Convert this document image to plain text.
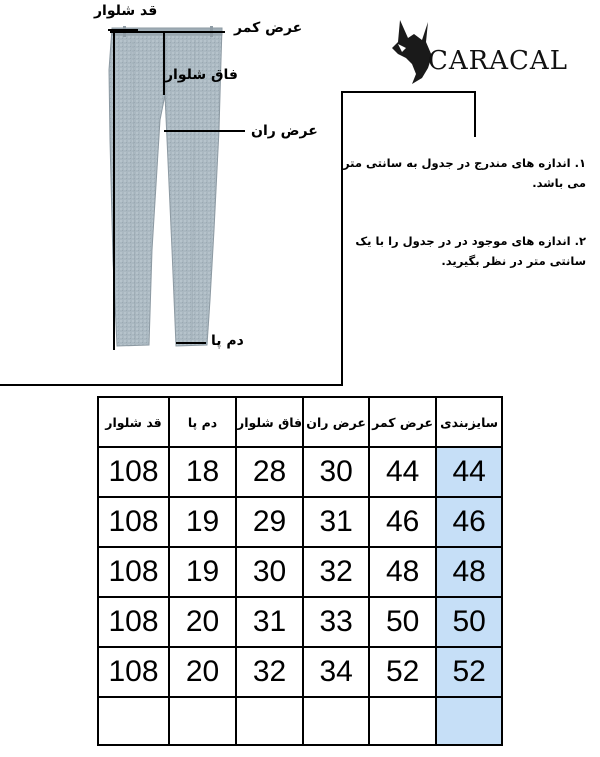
قد شلوار
عرض کمر
فاق شلوار
عرض ران
دم پا
CARACAL
۱. اندازه های مندرج در جدول به سانتی متر می باشد.
۲. اندازه های موجود در در جدول را با یک سانتی متر در نظر بگیرید.
قد شلوار	دم پا	فاق شلوار	عرض ران	عرض کمر	سایزبندی
108	18	28	30	44	44
108	19	29	31	46	46
108	19	30	32	48	48
108	20	31	33	50	50
108	20	32	34	52	52
